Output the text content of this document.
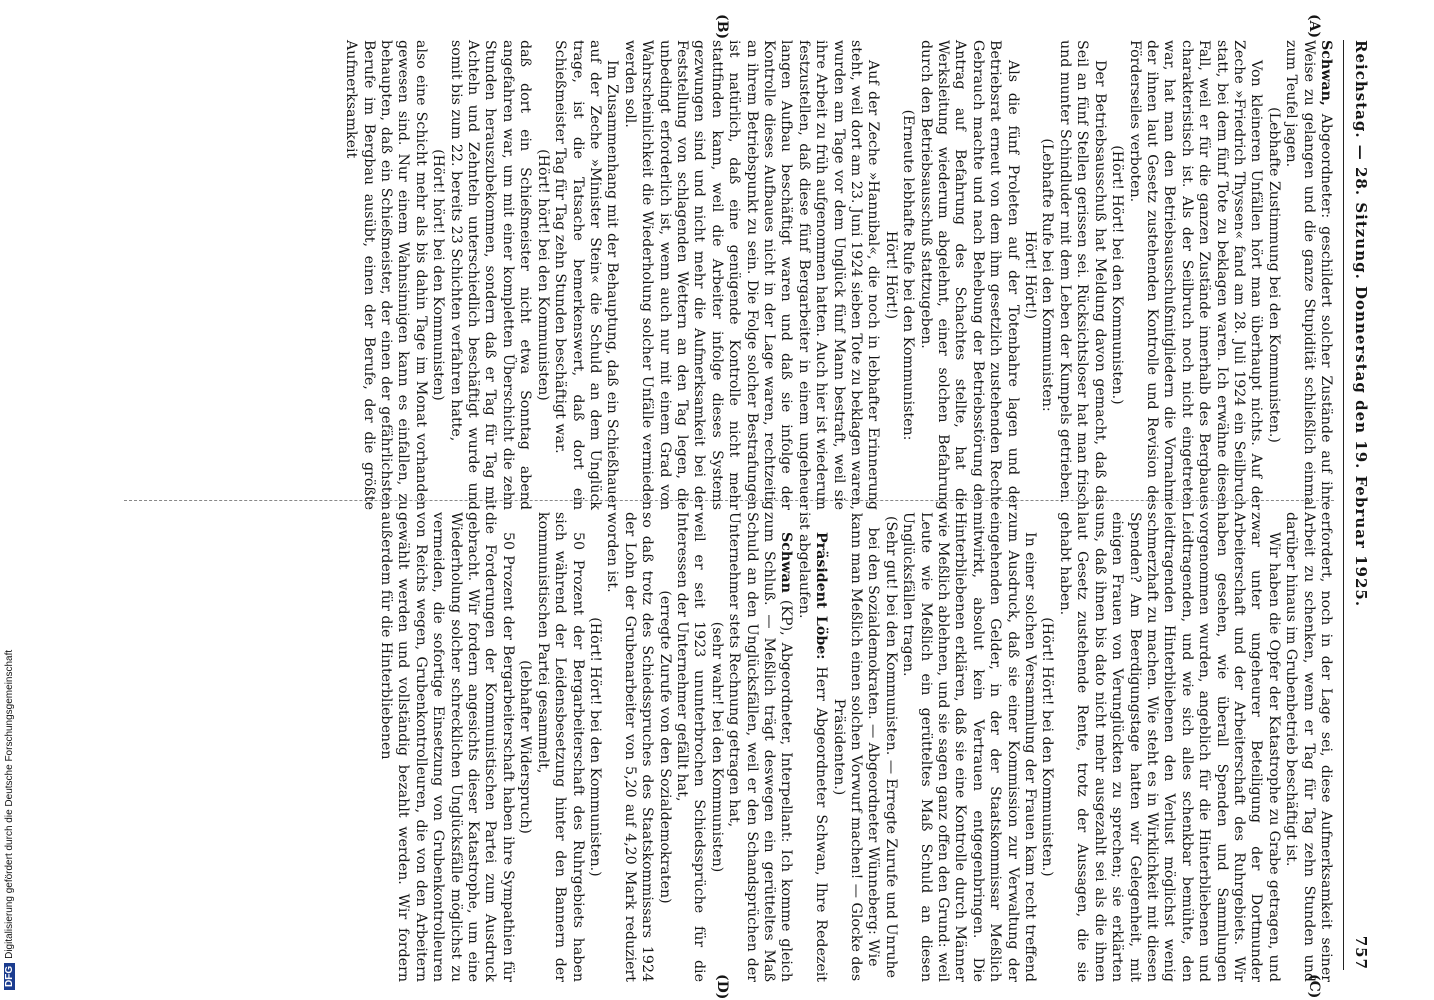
DFGDigitalisierung gefördert durch die Deutsche Forschungsgemeinschaft
Reichstag. — 28. Sitzung. Donnerstag den 19. Februar 1925.
757
(A)
(B)
(C)
(D)

Schwan, Abgeordneter: geschildert solcher Zustände auf ihre Weise zu gelangen und die ganze Stupidität schließlich einmal zum Teufel jagen.

(Lebhafte Zustimmung bei den Kommunisten.)

Von kleineren Unfällen hört man überhaupt nichts. Auf der Zeche »Friedrich Thyssen« fand am 28. Juli 1924 ein Seilbruch statt, bei dem fünf Tote zu beklagen waren. Ich erwähne diesen Fall, weil er für die ganzen Zustände innerhalb des Bergbaues charakteristisch ist. Als der Seilbruch noch nicht eingetreten war, hat man den Betriebsausschußmitgliedern die Vornahme der ihnen laut Gesetz zustehenden Kontrolle und Revision des Förderseiles verboten.

(Hört! Hört! bei den Kommunisten.)

Der Betriebsausschuß hat Meldung davon gemacht, daß das Seil an fünf Stellen gerissen sei. Rücksichtsloser hat man frisch und munter Schindluder mit dem Leben der Kumpels getrieben.

(Lebhafte Rufe bei den Kommunisten:

Hört! Hört!)

Als die fünf Proleten auf der Totenbahre lagen und der Betriebsrat erneut von dem ihm gesetzlich zustehenden Rechte Gebrauch machte und nach Behebung der Betriebsstörung den Antrag auf Befahrung des Schachtes stellte, hat die Werksleitung wiederum abgelehnt, einer solchen Befahrung durch den Betriebsausschuß stattzugeben.

(Erneute lebhafte Rufe bei den Kommunisten:

Hört! Hört!)

Auf der Zeche »Hannibal«, die noch in lebhafter Erinnerung steht, weil dort am 23. Juni 1924 sieben Tote zu beklagen waren, wurden am Tage vor dem Unglück fünf Mann bestraft, weil sie ihre Arbeit zu früh aufgenommen hatten. Auch hier ist wiederum festzustellen, daß diese fünf Bergarbeiter in einem ungeheuer langen Aufbau beschäftigt waren und daß sie infolge der Kontrolle dieses Aufbaues nicht in der Lage waren, rechtzeitig an ihrem Betriebspunkt zu sein. Die Folge solcher Bestrafungen ist natürlich, daß eine genügende Kontrolle nicht mehr stattfinden kann, weil die Arbeiter infolge dieses Systems gezwungen sind und nicht mehr die Aufmerksamkeit bei der Feststellung von schlagenden Wettern an den Tag legen, die unbedingt erforderlich ist, wenn auch nur mit einem Grad von Wahrscheinlichkeit die Wiederholung solcher Unfälle vermieden werden soll.

Im Zusammenhang mit der Behauptung, daß ein Schießhauer auf der Zeche »Minister Stein« die Schuld an dem Unglück trage, ist die Tatsache bemerkenswert, daß dort ein Schießmeister Tag für Tag zehn Stunden beschäftigt war.

(Hört! hört! bei den Kommunisten)

daß dort ein Schießmeister nicht etwa Sonntag abend angefahren war, um mit einer kompletten Überschicht die zehn Stunden herauszubekommen, sondern daß er Tag für Tag mit Achteln und Zehnteln unterschiedlich beschäftigt wurde und somit bis zum 22. bereits 23 Schichten verfahren hatte,

(Hört! hört! bei den Kommunisten)

also eine Schicht mehr als bis dahin Tage im Monat vorhanden gewesen sind. Nur einem Wahnsinnigen kann es einfallen, zu behaupten, daß ein Schießmeister, der einen der gefährlichsten Berufe im Bergbau ausübt, einen der Berufe, der die größte Aufmerksamkeit

erfordert, noch in der Lage sei, diese Aufmerksamkeit seiner Arbeit zu schenken, wenn er Tag für Tag zehn Stunden und darüber hinaus im Grubenbetrieb beschäftigt ist.

Wir haben die Opfer der Katastrophe zu Grabe getragen, und zwar unter ungeheurer Beteiligung der Dortmunder Arbeiterschaft und der Arbeiterschaft des Ruhrgebiets. Wir haben gesehen, wie überall Spenden und Sammlungen vorgenommen wurden, angeblich für die Hinterbliebenen und Leidtragenden, und wie sich alles schenkbar bemühte, den leidtragenden Hinterbliebenen den Verlust möglichst wenig schmerzhaft zu machen. Wie steht es in Wirklichkeit mit diesen Spenden? Am Beerdigungstage hatten wir Gelegenheit, mit einigen Frauen von Verunglückten zu sprechen; sie erklärten uns, daß ihnen bis dato nicht mehr ausgezahlt sei als die ihnen laut Gesetz zustehende Rente, trotz der Aussagen, die sie gehabt haben.

(Hört! Hört! bei den Kommunisten.)

In einer solchen Versammlung der Frauen kam recht treffend zum Ausdruck, daß sie einer Kommission zur Verwaltung der eingehenden Gelder, in der der Staatskommissar Meßlich mitwirkt, absolut kein Vertrauen entgegenbringen. Die Hinterbliebenen erklären, daß sie eine Kontrolle durch Männer wie Meßlich ablehnen, und sie sagen ganz offen den Grund: weil Leute wie Meßlich ein gerütteltes Maß Schuld an diesen Unglücksfällen tragen.

(Sehr gut! bei den Kommunisten. — Erregte Zurufe und Unruhe bei den Sozialdemokraten. — Abgeordneter Wünneberg: Wie kann man Meßlich einen solchen Vorwurf machen! — Glocke des Präsidenten.)

Präsident Löbe: Herr Abgeordneter Schwan, Ihre Redezeit ist abgelaufen.

Schwan (KP), Abgeordneter, Interpellant: Ich komme gleich zum Schluß. — Meßlich trägt deswegen ein gerütteltes Maß Schuld an den Unglücksfällen, weil er den Schandsprüchen der Unternehmer stets Rechnung getragen hat,

(sehr wahr! bei den Kommunisten)

weil er seit 1923 ununterbrochen Schiedssprüche für die Interessen der Unternehmer gefällt hat,

(erregte Zurufe von den Sozialdemokraten)

so daß trotz des Schiedsspruches des Staatskommissars 1924 der Lohn der Grubenarbeiter von 5,20 auf 4,20 Mark reduziert worden ist.

(Hört! Hört! bei den Kommunisten.)

50 Prozent der Bergarbeiterschaft des Ruhrgebiets haben sich während der Leidensbesetzung hinter den Bannern der kommunistischen Partei gesammelt,

(lebhafter Widerspruch)

50 Prozent der Bergarbeiterschaft haben ihre Sympathien für die Forderungen der Kommunistischen Partei zum Ausdruck gebracht. Wir fordern angesichts dieser Katastrophe, um eine Wiederholung solcher schrecklichen Unglücksfälle möglichst zu vermeiden, die sofortige Einsetzung von Grubenkontrolleuren von Reichs wegen, Grubenkontrolleuren, die von den Arbeitern gewählt werden und vollständig bezahlt werden. Wir fordern außerdem für die Hinterbliebenen
